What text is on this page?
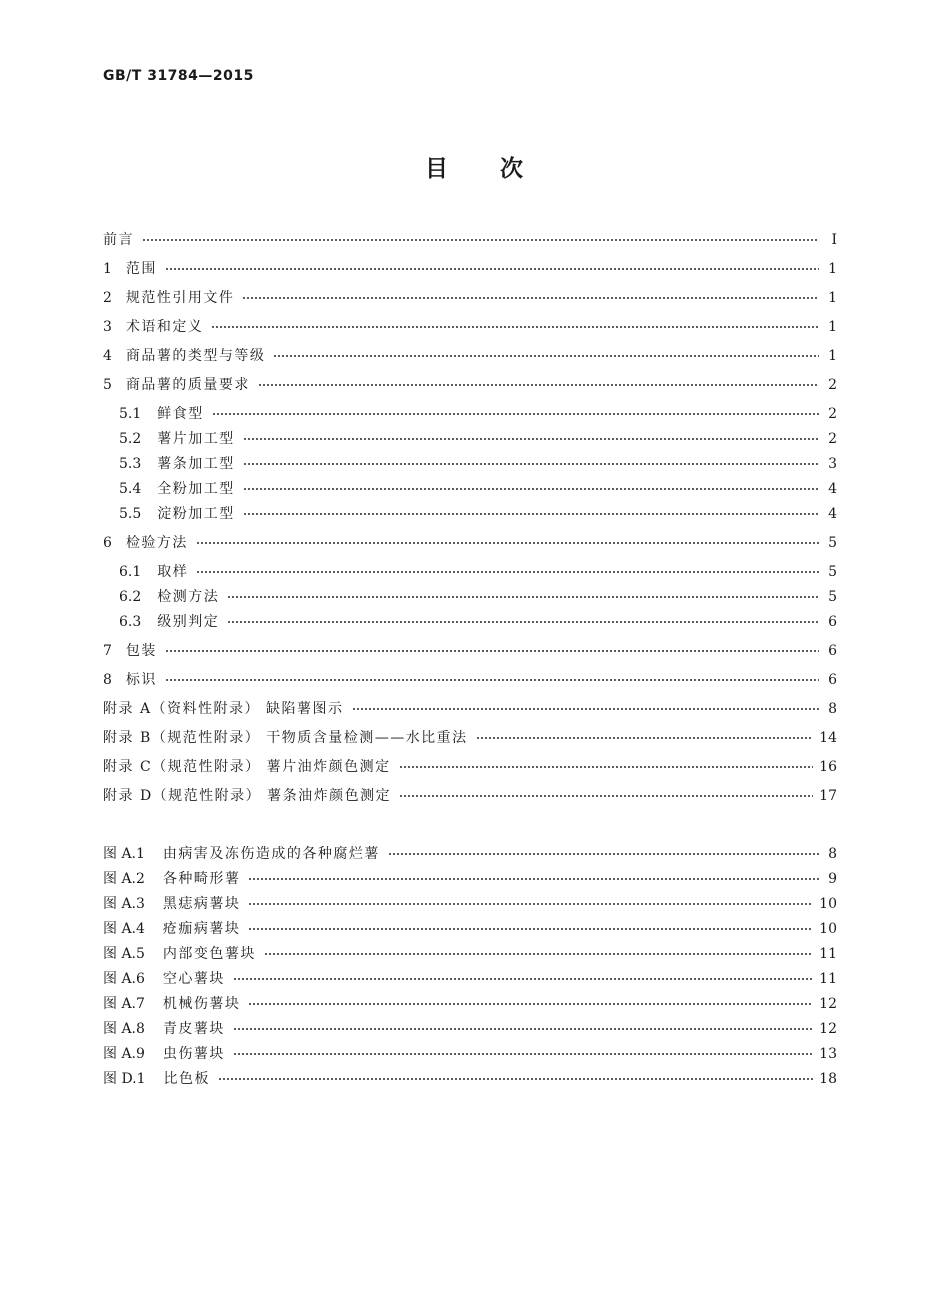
GB/T 31784—2015
目 次
前言	Ⅰ
1 范围	1
2 规范性引用文件	1
3 术语和定义	1
4 商品薯的类型与等级	1
5 商品薯的质量要求	2
5.1 鲜食型	2
5.2 薯片加工型	2
5.3 薯条加工型	3
5.4 全粉加工型	4
5.5 淀粉加工型	4
6 检验方法	5
6.1 取样	5
6.2 检测方法	5
6.3 级别判定	6
7 包装	6
8 标识	6
附录 A（资料性附录） 缺陷薯图示	8
附录 B（规范性附录） 干物质含量检测——水比重法	14
附录 C（规范性附录） 薯片油炸颜色测定	16
附录 D（规范性附录） 薯条油炸颜色测定	17
图 A.1 由病害及冻伤造成的各种腐烂薯	8
图 A.2 各种畸形薯	9
图 A.3 黑痣病薯块	10
图 A.4 疮痂病薯块	10
图 A.5 内部变色薯块	11
图 A.6 空心薯块	11
图 A.7 机械伤薯块	12
图 A.8 青皮薯块	12
图 A.9 虫伤薯块	13
图 D.1 比色板	18
